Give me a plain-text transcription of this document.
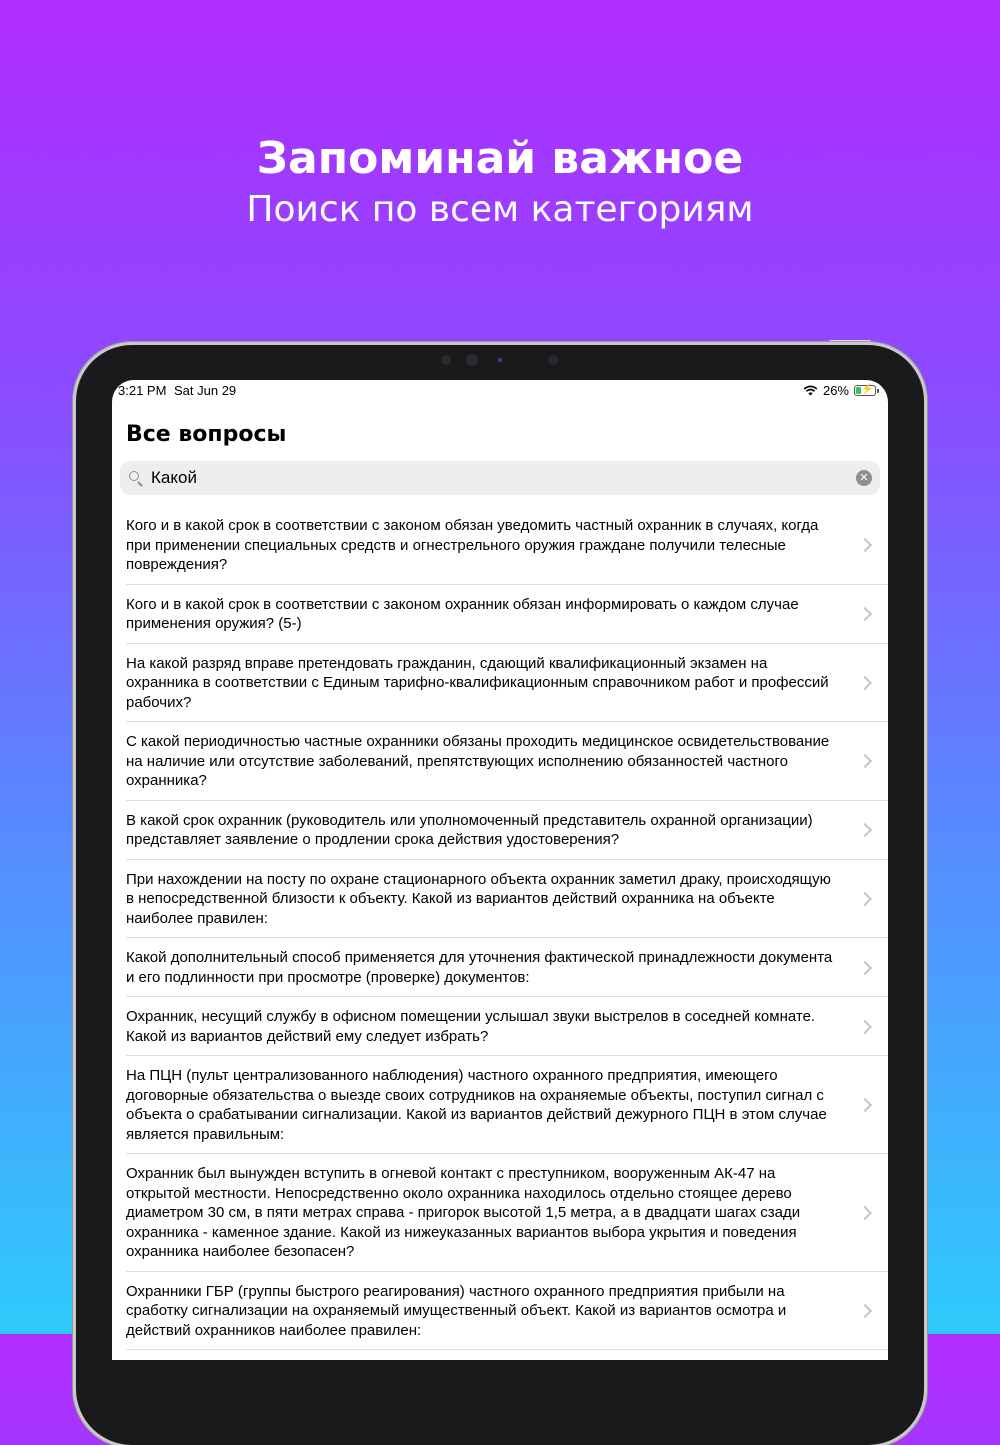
Запоминай важное
Поиск по всем категориям
3:21 PM Sat Jun 29	26% ⚡
Все вопросы
Какой	✕
Кого и в какой срок в соответствии с законом обязан уведомить частный охранник в случаях, когда при применении специальных средств и огнестрельного оружия граждане получили телесные повреждения?
Кого и в какой срок в соответствии с законом охранник обязан информировать о каждом случае применения оружия? (5-)
На какой разряд вправе претендовать гражданин, сдающий квалификационный экзамен на охранника в соответствии с Единым тарифно-квалификационным справочником работ и профессий рабочих?
С какой периодичностью частные охранники обязаны проходить медицинское освидетельствование на наличие или отсутствие заболеваний, препятствующих исполнению обязанностей частного охранника?
В какой срок охранник (руководитель или уполномоченный представитель охранной организации) представляет заявление о продлении срока действия удостоверения?
При нахождении на посту по охране стационарного объекта охранник заметил драку, происходящую в непосредственной близости к объекту. Какой из вариантов действий охранника на объекте наиболее правилен:
Какой дополнительный способ применяется для уточнения фактической принадлежности документа и его подлинности при просмотре (проверке) документов:
Охранник, несущий службу в офисном помещении услышал звуки выстрелов в соседней комнате. Какой из вариантов действий ему следует избрать?
На ПЦН (пульт централизованного наблюдения) частного охранного предприятия, имеющего договорные обязательства о выезде своих сотрудников на охраняемые объекты, поступил сигнал с объекта о срабатывании сигнализации. Какой из вариантов действий дежурного ПЦН в этом случае является правильным:
Охранник был вынужден вступить в огневой контакт с преступником, вооруженным АК-47 на открытой местности. Непосредственно около охранника находилось отдельно стоящее дерево диаметром 30 см, в пяти метрах справа - пригорок высотой 1,5 метра, а в двадцати шагах сзади охранника - каменное здание. Какой из нижеуказанных вариантов выбора укрытия и поведения охранника наиболее безопасен?
Охранники ГБР (группы быстрого реагирования) частного охранного предприятия прибыли на сработку сигнализации на охраняемый имущественный объект. Какой из вариантов осмотра и действий охранников наиболее правилен:
